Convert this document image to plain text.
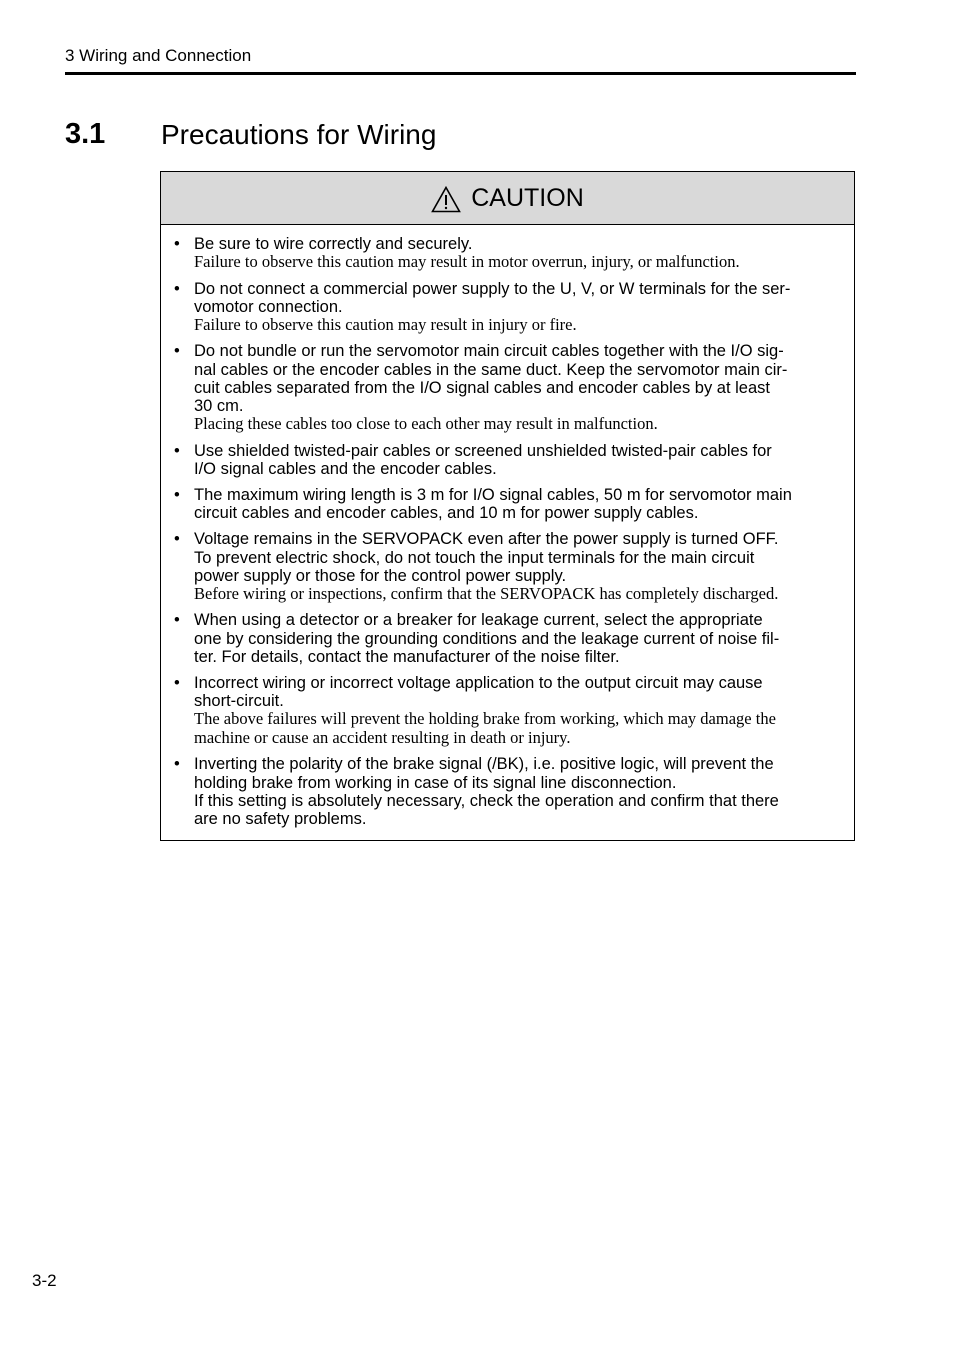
3 Wiring and Connection
3.1 Precautions for Wiring
CAUTION
• Be sure to wire correctly and securely.
Failure to observe this caution may result in motor overrun, injury, or malfunction.
• Do not connect a commercial power supply to the U, V, or W terminals for the ser-
vomotor connection.
Failure to observe this caution may result in injury or fire.
• Do not bundle or run the servomotor main circuit cables together with the I/O sig-
nal cables or the encoder cables in the same duct. Keep the servomotor main cir-
cuit cables separated from the I/O signal cables and encoder cables by at least
30 cm.
Placing these cables too close to each other may result in malfunction.
• Use shielded twisted-pair cables or screened unshielded twisted-pair cables for
I/O signal cables and the encoder cables.
• The maximum wiring length is 3 m for I/O signal cables, 50 m for servomotor main
circuit cables and encoder cables, and 10 m for power supply cables.
• Voltage remains in the SERVOPACK even after the power supply is turned OFF.
To prevent electric shock, do not touch the input terminals for the main circuit
power supply or those for the control power supply.
Before wiring or inspections, confirm that the SERVOPACK has completely discharged.
• When using a detector or a breaker for leakage current, select the appropriate
one by considering the grounding conditions and the leakage current of noise fil-
ter. For details, contact the manufacturer of the noise filter.
• Incorrect wiring or incorrect voltage application to the output circuit may cause
short-circuit.
The above failures will prevent the holding brake from working, which may damage the
machine or cause an accident resulting in death or injury.
• Inverting the polarity of the brake signal (/BK), i.e. positive logic, will prevent the
holding brake from working in case of its signal line disconnection.
If this setting is absolutely necessary, check the operation and confirm that there
are no safety problems.
3-2
